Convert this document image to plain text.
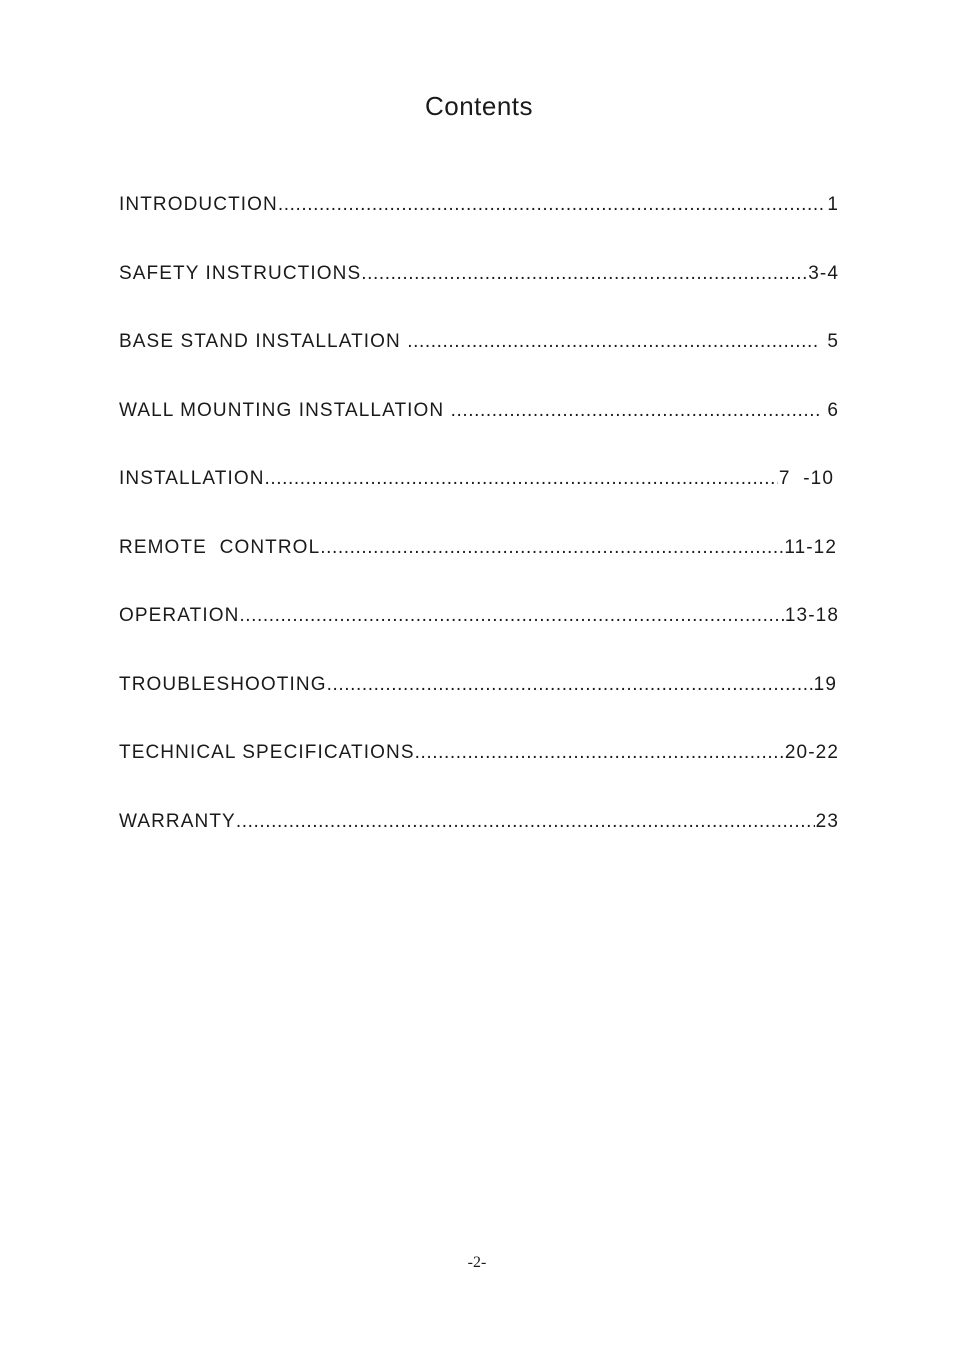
Contents
INTRODUCTION .....	1
SAFETY INSTRUCTIONS .....	3-4
BASE STAND INSTALLATION .....	5
WALL MOUNTING INSTALLATION .....	6
INSTALLATION .....	7  -10
REMOTE  CONTROL .....	11-12
OPERATION .....	13-18
TROUBLESHOOTING .....	19
TECHNICAL SPECIFICATIONS .....	20-22
WARRANTY .....	23
-2-
